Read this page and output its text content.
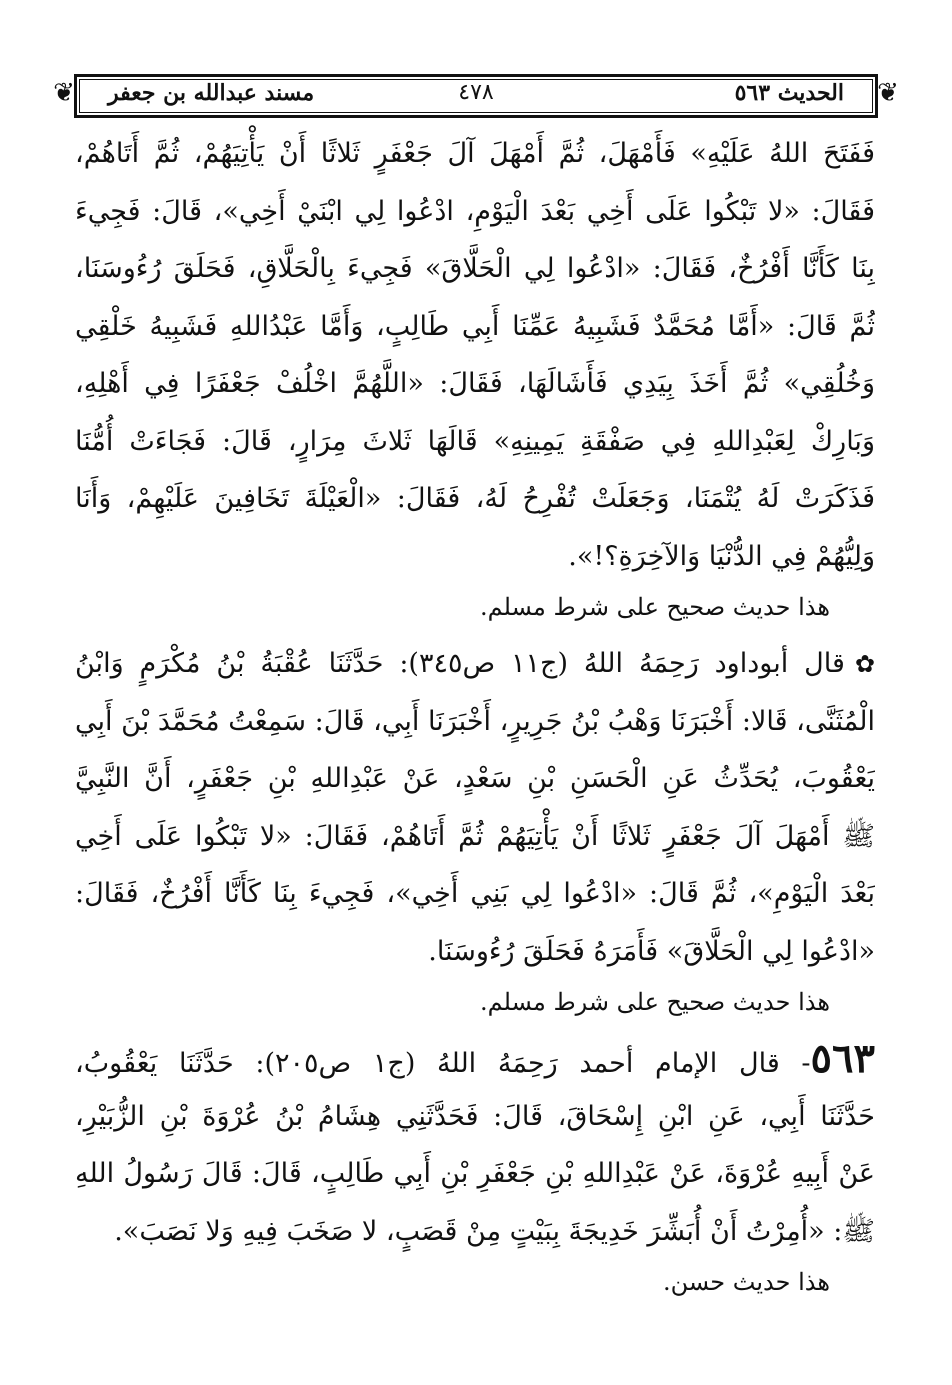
❦	❦
الحديث ٥٦٣
٤٧٨
مسند عبدالله بن جعفر
فَفَتَحَ اللهُ عَلَيْهِ» فَأَمْهَلَ، ثُمَّ أَمْهَلَ آلَ جَعْفَرٍ ثَلاثًا أَنْ يَأْتِيَهُمْ، ثُمَّ أَتَاهُمْ،
فَقَالَ: «لا تَبْكُوا عَلَى أَخِي بَعْدَ الْيَوْمِ، ادْعُوا لِي ابْنَيْ أَخِي»، قَالَ: فَجِيءَ
بِنَا كَأَنَّا أَفْرُخٌ، فَقَالَ: «ادْعُوا لِي الْحَلَّاقَ» فَجِيءَ بِالْحَلَّاقِ، فَحَلَقَ رُءُوسَنَا،
ثُمَّ قَالَ: «أَمَّا مُحَمَّدٌ فَشَبِيهُ عَمِّنَا أَبِي طَالِبٍ، وَأَمَّا عَبْدُاللهِ فَشَبِيهُ خَلْقِي
وَخُلُقِي» ثُمَّ أَخَذَ بِيَدِي فَأَشَالَهَا، فَقَالَ: «اللَّهُمَّ اخْلُفْ جَعْفَرًا فِي أَهْلِهِ،
وَبَارِكْ لِعَبْدِاللهِ فِي صَفْقَةِ يَمِينِهِ» قَالَهَا ثَلاثَ مِرَارٍ، قَالَ: فَجَاءَتْ أُمُّنَا
فَذَكَرَتْ لَهُ يُتْمَنَا، وَجَعَلَتْ تُفْرِحُ لَهُ، فَقَالَ: «الْعَيْلَةَ تَخَافِينَ عَلَيْهِمْ، وَأَنَا
وَلِيُّهُمْ فِي الدُّنْيَا وَالآخِرَةِ؟!».
هذا حديث صحيح على شرط مسلم.
✿قال أبوداود رَحِمَهُ اللهُ (ج١١ ص٣٤٥): حَدَّثَنَا عُقْبَةُ بْنُ مُكْرَمٍ وَابْنُ
الْمُثَنَّى، قَالا: أَخْبَرَنَا وَهْبُ بْنُ جَرِيرٍ، أَخْبَرَنَا أَبِي، قَالَ: سَمِعْتُ مُحَمَّدَ بْنَ أَبِي
يَعْقُوبَ، يُحَدِّثُ عَنِ الْحَسَنِ بْنِ سَعْدٍ، عَنْ عَبْدِاللهِ بْنِ جَعْفَرٍ، أَنَّ النَّبِيَّ
ﷺ أَمْهَلَ آلَ جَعْفَرٍ ثَلاثًا أَنْ يَأْتِيَهُمْ ثُمَّ أَتَاهُمْ، فَقَالَ: «لا تَبْكُوا عَلَى أَخِي
بَعْدَ الْيَوْمِ»، ثُمَّ قَالَ: «ادْعُوا لِي بَنِي أَخِي»، فَجِيءَ بِنَا كَأَنَّا أَفْرُخٌ، فَقَالَ:
«ادْعُوا لِي الْحَلَّاقَ» فَأَمَرَهُ فَحَلَقَ رُءُوسَنَا.
هذا حديث صحيح على شرط مسلم.
٥٦٣- قال الإمام أحمد رَحِمَهُ اللهُ (ج١ ص٢٠٥): حَدَّثَنَا يَعْقُوبُ،
حَدَّثَنَا أَبِي، عَنِ ابْنِ إِسْحَاقَ، قَالَ: فَحَدَّثَنِي هِشَامُ بْنُ عُرْوَةَ بْنِ الزُّبَيْرِ،
عَنْ أَبِيهِ عُرْوَةَ، عَنْ عَبْدِاللهِ بْنِ جَعْفَرِ بْنِ أَبِي طَالِبٍ، قَالَ: قَالَ رَسُولُ اللهِ
ﷺ: «أُمِرْتُ أَنْ أُبَشِّرَ خَدِيجَةَ بِبَيْتٍ مِنْ قَصَبٍ، لا صَخَبَ فِيهِ وَلا نَصَبَ».
هذا حديث حسن.
